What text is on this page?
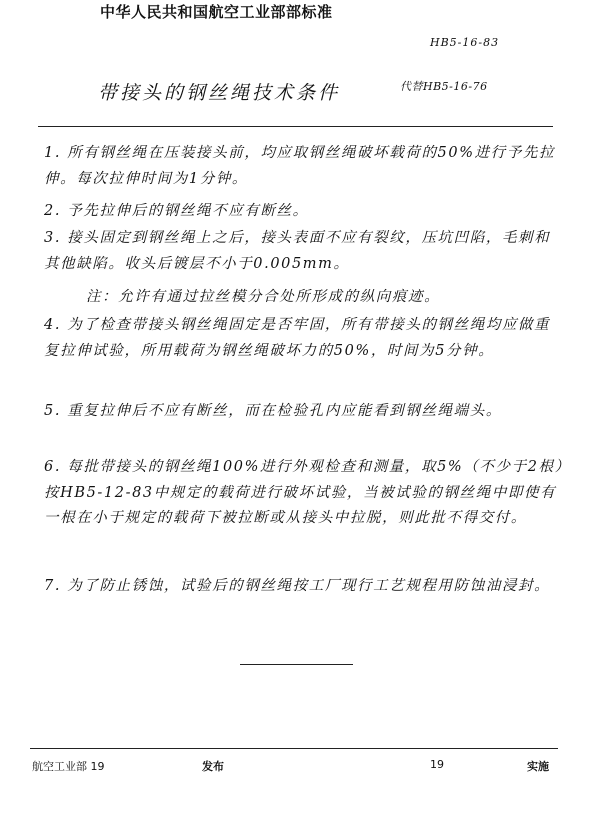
中华人民共和国航空工业部部标准
HB5-16-83
带接头的钢丝绳技术条件	代替HB5-16-76
1. 所有钢丝绳在压装接头前，均应取钢丝绳破坏载荷的50%进行予先拉伸。每次拉伸时间为1分钟。
2. 予先拉伸后的钢丝绳不应有断丝。
3. 接头固定到钢丝绳上之后，接头表面不应有裂纹，压坑凹陷，毛刺和其他缺陷。收头后镀层不小于0.005mm。
注：允许有通过拉丝模分合处所形成的纵向痕迹。
4. 为了检查带接头钢丝绳固定是否牢固，所有带接头的钢丝绳均应做重复拉伸试验，所用载荷为钢丝绳破坏力的50%，时间为5分钟。
5. 重复拉伸后不应有断丝，而在检验孔内应能看到钢丝绳端头。
6. 每批带接头的钢丝绳100%进行外观检查和测量，取5%（不少于2根）按HB5-12-83中规定的载荷进行破坏试验，当被试验的钢丝绳中即使有一根在小于规定的载荷下被拉断或从接头中拉脱，则此批不得交付。
7. 为了防止锈蚀，试验后的钢丝绳按工厂现行工艺规程用防蚀油浸封。
航空工业部 19	发布	19	实施
